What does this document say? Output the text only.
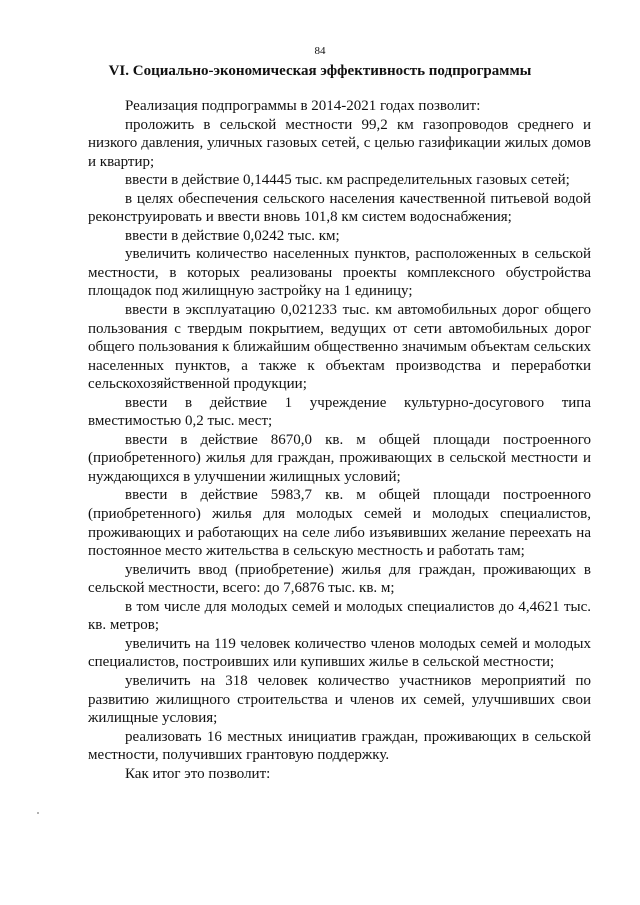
84
VI. Социально-экономическая эффективность подпрограммы

Реализация подпрограммы в 2014-2021 годах позволит:

проложить в сельской местности 99,2 км газопроводов среднего и низкого давления, уличных газовых сетей, с целью газификации жилых домов и квартир;

ввести в действие 0,14445 тыс. км распределительных газовых сетей;

в целях обеспечения сельского населения качественной питьевой водой реконструировать и ввести вновь 101,8 км систем водоснабжения;

ввести в действие 0,0242 тыс. км;

увеличить количество населенных пунктов, расположенных в сельской местности, в которых реализованы проекты комплексного обустройства площадок под жилищную застройку на 1 единицу;

ввести в эксплуатацию 0,021233 тыс. км автомобильных дорог общего пользования с твердым покрытием, ведущих от сети автомобильных дорог общего пользования к ближайшим общественно значимым объектам сельских населенных пунктов, а также к объектам производства и переработки сельскохозяйственной продукции;

ввести в действие 1 учреждение культурно-досугового типа вместимостью 0,2 тыс. мест;

ввести в действие 8670,0 кв. м общей площади построенного (приобретенного) жилья для граждан, проживающих в сельской местности и нуждающихся в улучшении жилищных условий;

ввести в действие 5983,7 кв. м общей площади построенного (приобретенного) жилья для молодых семей и молодых специалистов, проживающих и работающих на селе либо изъявивших желание переехать на постоянное место жительства в сельскую местность и работать там;

увеличить ввод (приобретение) жилья для граждан, проживающих в сельской местности, всего: до 7,6876 тыс. кв. м;

в том числе для молодых семей и молодых специалистов до 4,4621 тыс. кв. метров;

увеличить на 119 человек количество членов молодых семей и молодых специалистов, построивших или купивших жилье в сельской местности;

увеличить на 318 человек количество участников мероприятий по развитию жилищного строительства и членов их семей, улучшивших свои жилищные условия;

реализовать 16 местных инициатив граждан, проживающих в сельской местности, получивших грантовую поддержку.

Как итог это позволит:
